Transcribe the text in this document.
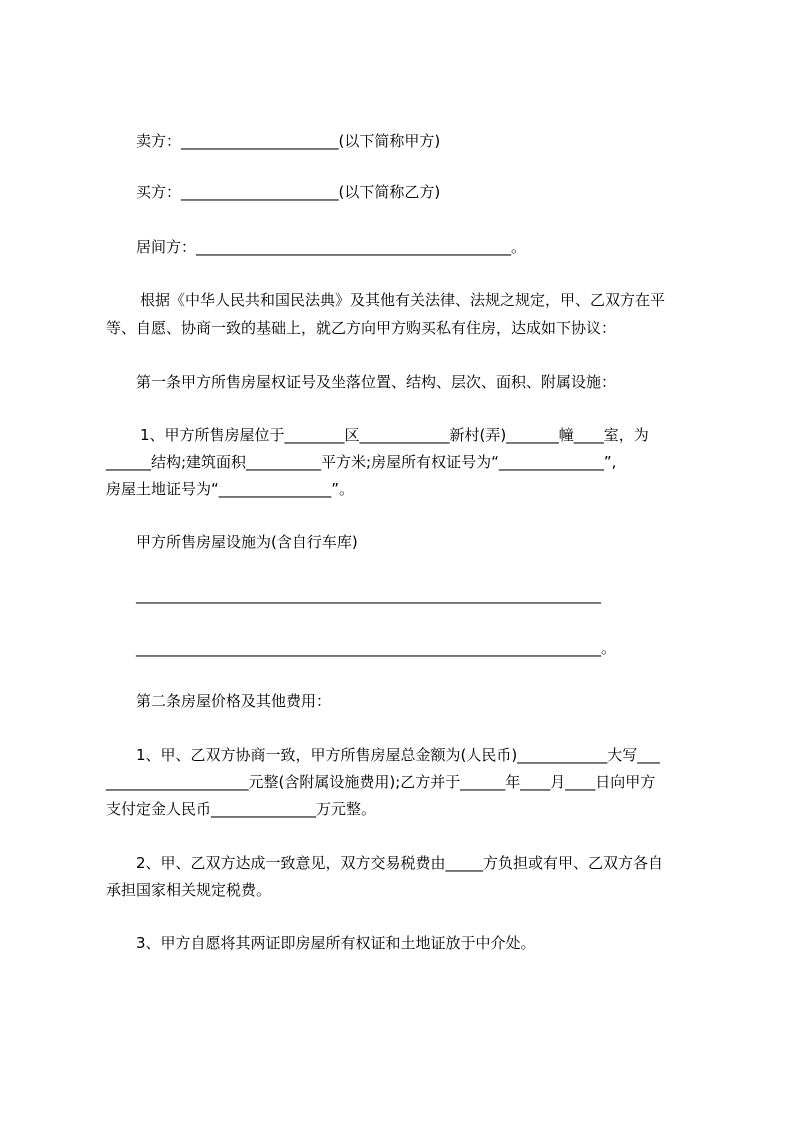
卖方：_____________________(以下简称甲方)
买方：_____________________(以下简称乙方)
居间方：__________________________________________。
根据《中华人民共和国民法典》及其他有关法律、法规之规定，甲、乙双方在平
等、自愿、协商一致的基础上，就乙方向甲方购买私有住房，达成如下协议：
第一条甲方所售房屋权证号及坐落位置、结构、层次、面积、附属设施：
1、甲方所售房屋位于________区____________新村(弄)_______幢____室，为
______结构;建筑面积__________平方米;房屋所有权证号为“______________”,
房屋土地证号为“_______________”。
甲方所售房屋设施为(含自行车库)
______________________________________________________________
______________________________________________________________。
第二条房屋价格及其他费用：
1、甲、乙双方协商一致，甲方所售房屋总金额为(人民币)____________大写___
___________________元整(含附属设施费用);乙方并于______年____月____日向甲方
支付定金人民币______________万元整。
2、甲、乙双方达成一致意见，双方交易税费由_____方负担或有甲、乙双方各自
承担国家相关规定税费。
3、甲方自愿将其两证即房屋所有权证和土地证放于中介处。
